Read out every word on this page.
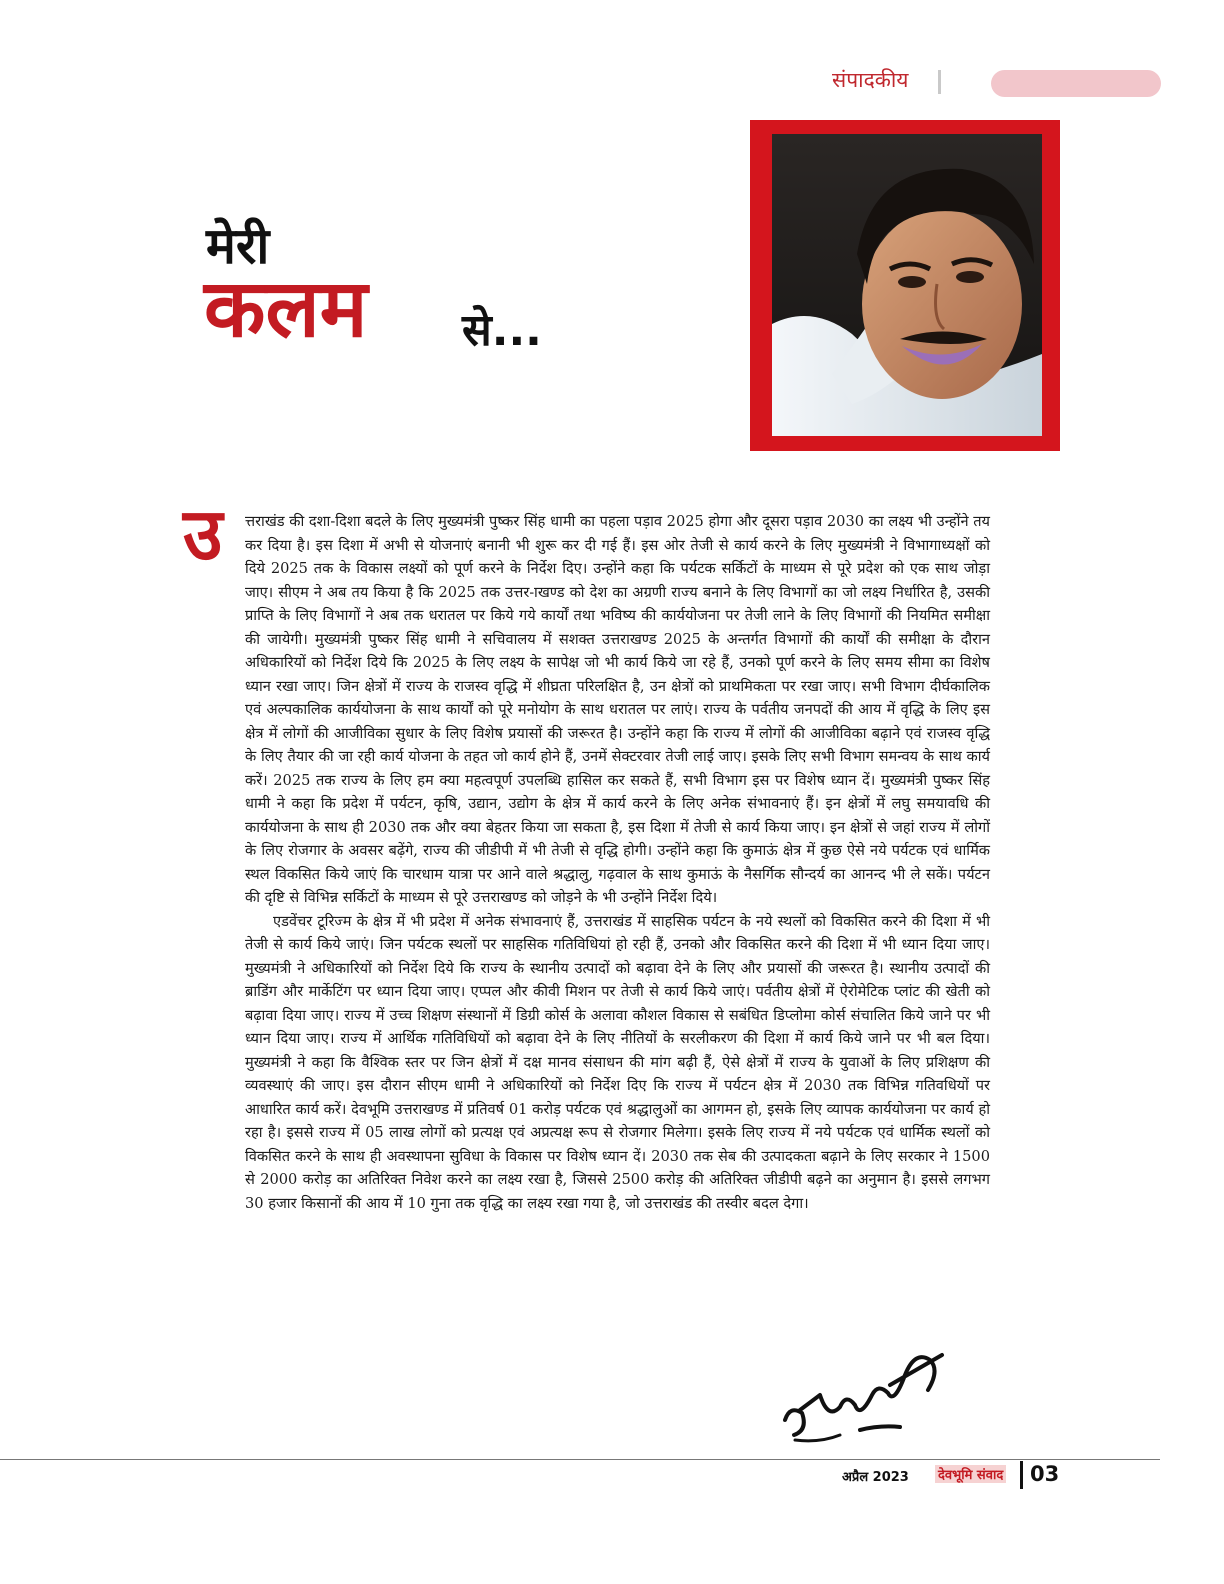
संपादकीय
मेरी
कलम से...
उ त्तराखंड की दशा-दिशा बदले के लिए मुख्यमंत्री पुष्कर सिंह धामी का पहला पड़ाव 2025 होगा और दूसरा पड़ाव 2030 का लक्ष्य भी उन्होंने तय कर दिया है। इस दिशा में अभी से योजनाएं बनानी भी शुरू कर दी गई हैं। इस ओर तेजी से कार्य करने के लिए मुख्यमंत्री ने विभागाध्यक्षों को दिये 2025 तक के विकास लक्ष्यों को पूर्ण करने के निर्देश दिए। उन्होंने कहा कि पर्यटक सर्किटों के माध्यम से पूरे प्रदेश को एक साथ जोड़ा जाए। सीएम ने अब तय किया है कि 2025 तक उत्तर-ाखण्ड को देश का अग्रणी राज्य बनाने के लिए विभागों का जो लक्ष्य निर्धारित है, उसकी प्राप्ति के लिए विभागों ने अब तक धरातल पर किये गये कार्यों तथा भविष्य की कार्ययोजना पर तेजी लाने के लिए विभागों की नियमित समीक्षा की जायेगी। मुख्यमंत्री पुष्कर सिंह धामी ने सचिवालय में सशक्त उत्तराखण्ड 2025 के अन्तर्गत विभागों की कार्यों की समीक्षा के दौरान अधिकारियों को निर्देश दिये कि 2025 के लिए लक्ष्य के सापेक्ष जो भी कार्य किये जा रहे हैं, उनको पूर्ण करने के लिए समय सीमा का विशेष ध्यान रखा जाए। जिन क्षेत्रों में राज्य के राजस्व वृद्धि में शीघ्रता परिलक्षित है, उन क्षेत्रों को प्राथमिकता पर रखा जाए। सभी विभाग दीर्घकालिक एवं अल्पकालिक कार्ययोजना के साथ कार्यों को पूरे मनोयोग के साथ धरातल पर लाएं। राज्य के पर्वतीय जनपदों की आय में वृद्धि के लिए इस क्षेत्र में लोगों की आजीविका सुधार के लिए विशेष प्रयासों की जरूरत है। उन्होंने कहा कि राज्य में लोगों की आजीविका बढ़ाने एवं राजस्व वृद्धि के लिए तैयार की जा रही कार्य योजना के तहत जो कार्य होने हैं, उनमें सेक्टरवार तेजी लाई जाए। इसके लिए सभी विभाग समन्वय के साथ कार्य करें। 2025 तक राज्य के लिए हम क्या महत्वपूर्ण उपलब्धि हासिल कर सकते हैं, सभी विभाग इस पर विशेष ध्यान दें। मुख्यमंत्री पुष्कर सिंह धामी ने कहा कि प्रदेश में पर्यटन, कृषि, उद्यान, उद्योग के क्षेत्र में कार्य करने के लिए अनेक संभावनाएं हैं। इन क्षेत्रों में लघु समयावधि की कार्ययोजना के साथ ही 2030 तक और क्या बेहतर किया जा सकता है, इस दिशा में तेजी से कार्य किया जाए। इन क्षेत्रों से जहां राज्य में लोगों के लिए रोजगार के अवसर बढ़ेंगे, राज्य की जीडीपी में भी तेजी से वृद्धि होगी। उन्होंने कहा कि कुमाऊं क्षेत्र में कुछ ऐसे नये पर्यटक एवं धार्मिक स्थल विकसित किये जाएं कि चारधाम यात्रा पर आने वाले श्रद्धालु, गढ़वाल के साथ कुमाऊं के नैसर्गिक सौन्दर्य का आनन्द भी ले सकें। पर्यटन की दृष्टि से विभिन्न सर्किटों के माध्यम से पूरे उत्तराखण्ड को जोड़ने के भी उन्होंने निर्देश दिये।

एडवेंचर टूरिज्म के क्षेत्र में भी प्रदेश में अनेक संभावनाएं हैं, उत्तराखंड में साहसिक पर्यटन के नये स्थलों को विकसित करने की दिशा में भी तेजी से कार्य किये जाएं। जिन पर्यटक स्थलों पर साहसिक गतिविधियां हो रही हैं, उनको और विकसित करने की दिशा में भी ध्यान दिया जाए। मुख्यमंत्री ने अधिकारियों को निर्देश दिये कि राज्य के स्थानीय उत्पादों को बढ़ावा देने के लिए और प्रयासों की जरूरत है। स्थानीय उत्पादों की ब्राडिंग और मार्केटिंग पर ध्यान दिया जाए। एप्पल और कीवी मिशन पर तेजी से कार्य किये जाएं। पर्वतीय क्षेत्रों में ऐरोमेटिक प्लांट की खेती को बढ़ावा दिया जाए। राज्य में उच्च शिक्षण संस्थानों में डिग्री कोर्स के अलावा कौशल विकास से सबंधित डिप्लोमा कोर्स संचालित किये जाने पर भी ध्यान दिया जाए। राज्य में आर्थिक गतिविधियों को बढ़ावा देने के लिए नीतियों के सरलीकरण की दिशा में कार्य किये जाने पर भी बल दिया। मुख्यमंत्री ने कहा कि वैश्विक स्तर पर जिन क्षेत्रों में दक्ष मानव संसाधन की मांग बढ़ी हैं, ऐसे क्षेत्रों में राज्य के युवाओं के लिए प्रशिक्षण की व्यवस्थाएं की जाए। इस दौरान सीएम धामी ने अधिकारियों को निर्देश दिए कि राज्य में पर्यटन क्षेत्र में 2030 तक विभिन्न गतिवधियों पर आधारित कार्य करें। देवभूमि उत्तराखण्ड में प्रतिवर्ष 01 करोड़ पर्यटक एवं श्रद्धालुओं का आगमन हो, इसके लिए व्यापक कार्ययोजना पर कार्य हो रहा है। इससे राज्य में 05 लाख लोगों को प्रत्यक्ष एवं अप्रत्यक्ष रूप से रोजगार मिलेगा। इसके लिए राज्य में नये पर्यटक एवं धार्मिक स्थलों को विकसित करने के साथ ही अवस्थापना सुविधा के विकास पर विशेष ध्यान दें। 2030 तक सेब की उत्पादकता बढ़ाने के लिए सरकार ने 1500 से 2000 करोड़ का अतिरिक्त निवेश करने का लक्ष्य रखा है, जिससे 2500 करोड़ की अतिरिक्त जीडीपी बढ़ने का अनुमान है। इससे लगभग 30 हजार किसानों की आय में 10 गुना तक वृद्धि का लक्ष्य रखा गया है, जो उत्तराखंड की तस्वीर बदल देगा।

अप्रैल 2023 देवभूमि संवाद 03
